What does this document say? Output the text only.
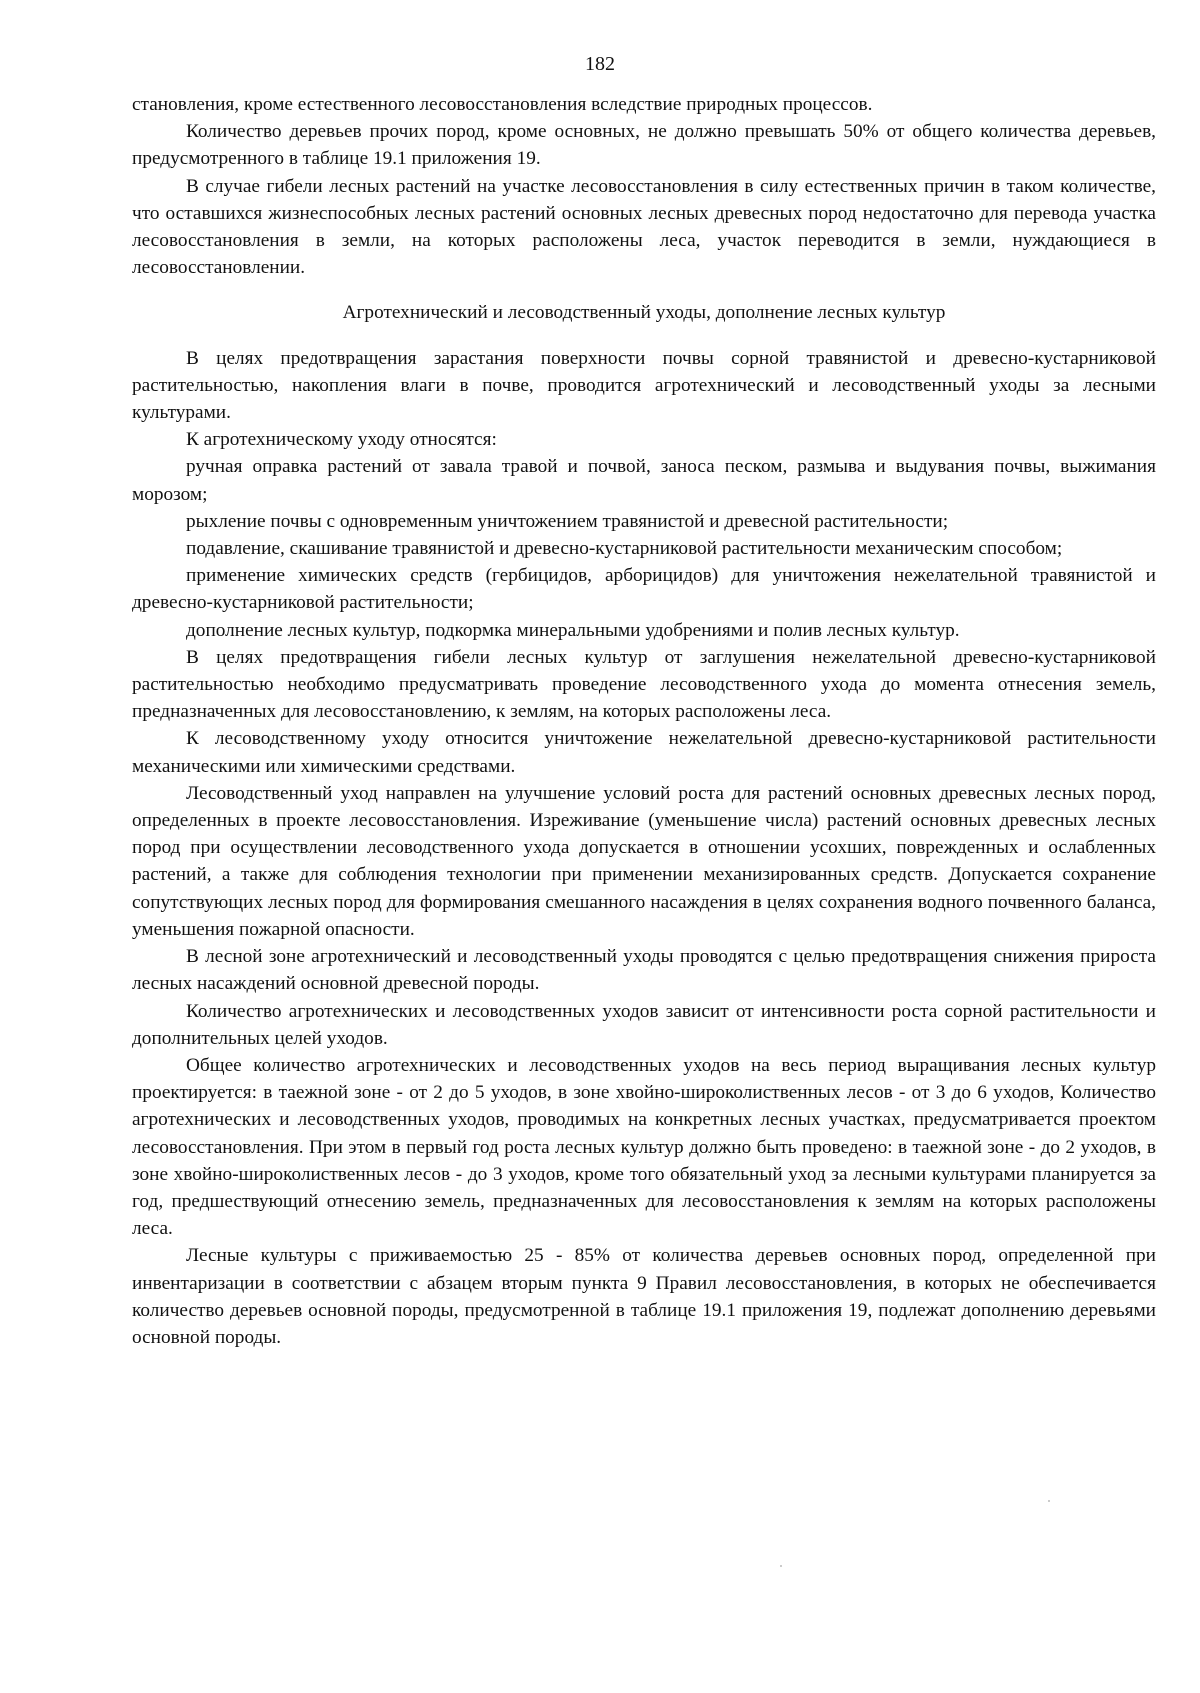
182

становления, кроме естественного лесовосстановления вследствие природных процессов.

Количество деревьев прочих пород, кроме основных, не должно превышать 50% от общего количества деревьев, предусмотренного в таблице 19.1 приложения 19.

В случае гибели лесных растений на участке лесовосстановления в силу естественных причин в таком количестве, что оставшихся жизнеспособных лесных растений основных лесных древесных пород недостаточно для перевода участка лесовосстановления в земли, на которых расположены леса, участок переводится в земли, нуждающиеся в лесовосстановлении.

Агротехнический и лесоводственный уходы, дополнение лесных культур

В целях предотвращения зарастания поверхности почвы сорной травянистой и древесно-кустарниковой растительностью, накопления влаги в почве, проводится агротехнический и лесоводственный уходы за лесными культурами.

К агротехническому уходу относятся:

ручная оправка растений от завала травой и почвой, заноса песком, размыва и выдувания почвы, выжимания морозом;

рыхление почвы с одновременным уничтожением травянистой и древесной растительности;

подавление, скашивание травянистой и древесно-кустарниковой растительности механическим способом;

применение химических средств (гербицидов, арборицидов) для уничтожения нежелательной травянистой и древесно-кустарниковой растительности;

дополнение лесных культур, подкормка минеральными удобрениями и полив лесных культур.

В целях предотвращения гибели лесных культур от заглушения нежелательной древесно-кустарниковой растительностью необходимо предусматривать проведение лесоводственного ухода до момента отнесения земель, предназначенных для лесовосстановлению, к землям, на которых расположены леса.

К лесоводственному уходу относится уничтожение нежелательной древесно-кустарниковой растительности механическими или химическими средствами.

Лесоводственный уход направлен на улучшение условий роста для растений основных древесных лесных пород, определенных в проекте лесовосстановления. Изреживание (уменьшение числа) растений основных древесных лесных пород при осуществлении лесоводственного ухода допускается в отношении усохших, поврежденных и ослабленных растений, а также для соблюдения технологии при применении механизированных средств. Допускается сохранение сопутствующих лесных пород для формирования смешанного насаждения в целях сохранения водного почвенного баланса, уменьшения пожарной опасности.

В лесной зоне агротехнический и лесоводственный уходы проводятся с целью предотвращения снижения прироста лесных насаждений основной древесной породы.

Количество агротехнических и лесоводственных уходов зависит от интенсивности роста сорной растительности и дополнительных целей уходов.

Общее количество агротехнических и лесоводственных уходов на весь период выращивания лесных культур проектируется: в таежной зоне - от 2 до 5 уходов, в зоне хвойно-широколиственных лесов - от 3 до 6 уходов, Количество агротехнических и лесоводственных уходов, проводимых на конкретных лесных участках, предусматривается проектом лесовосстановления. При этом в первый год роста лесных культур должно быть проведено: в таежной зоне - до 2 уходов, в зоне хвойно-широколиственных лесов - до 3 уходов, кроме того обязательный уход за лесными культурами планируется за год, предшествующий отнесению земель, предназначенных для лесовосстановления к землям на которых расположены леса.

Лесные культуры с приживаемостью 25 - 85% от количества деревьев основных пород, определенной при инвентаризации в соответствии с абзацем вторым пункта 9 Правил лесовосстановления, в которых не обеспечивается количество деревьев основной породы, предусмотренной в таблице 19.1 приложения 19, подлежат дополнению деревьями основной породы.
